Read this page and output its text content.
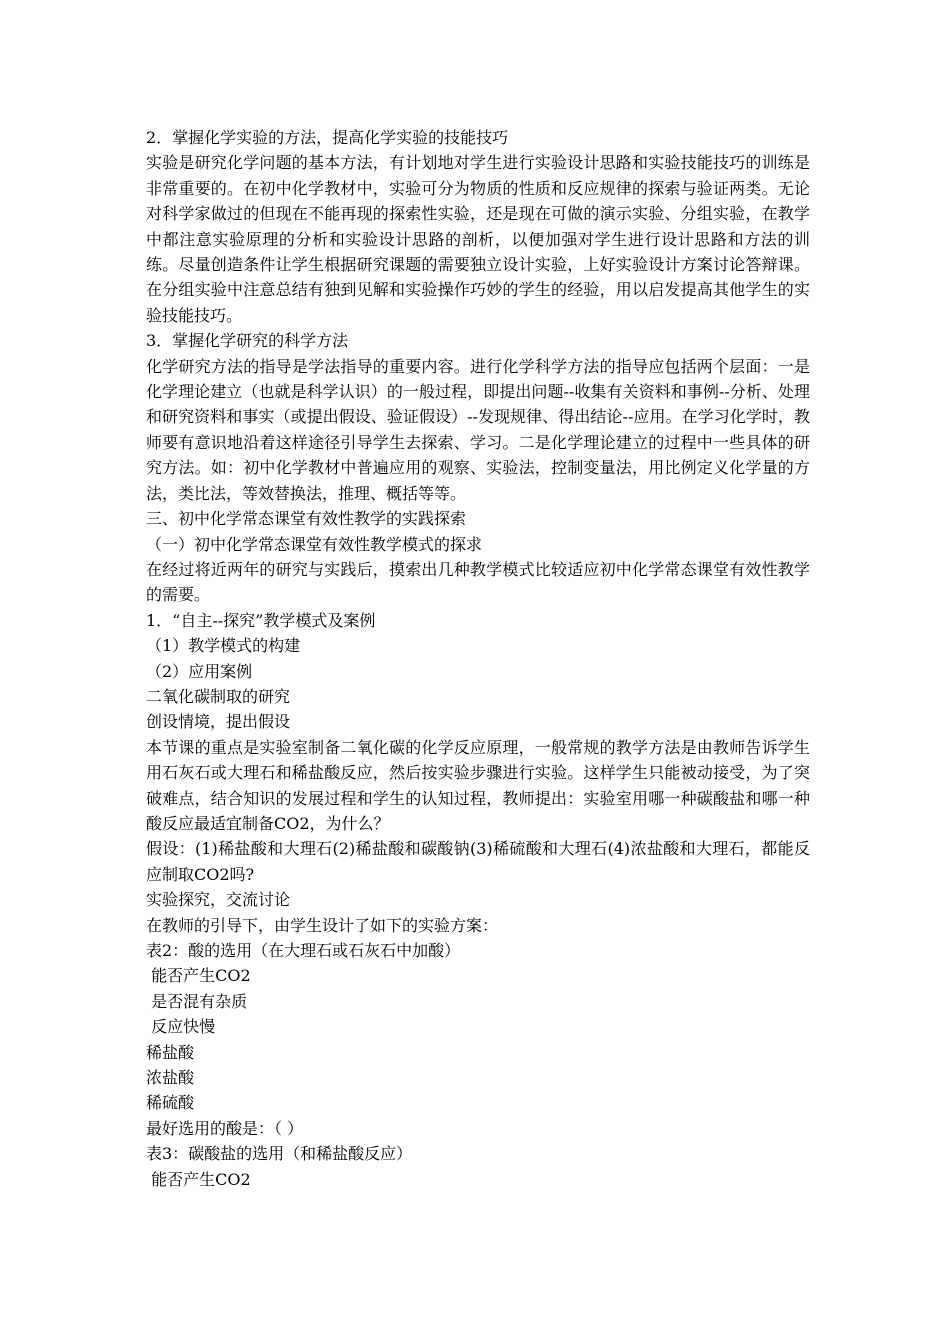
2．掌握化学实验的方法，提高化学实验的技能技巧

实验是研究化学问题的基本方法，有计划地对学生进行实验设计思路和实验技能技巧的训练是非常重要的。在初中化学教材中，实验可分为物质的性质和反应规律的探索与验证两类。无论对科学家做过的但现在不能再现的探索性实验，还是现在可做的演示实验、分组实验，在教学中都注意实验原理的分析和实验设计思路的剖析，以便加强对学生进行设计思路和方法的训练。尽量创造条件让学生根据研究课题的需要独立设计实验，上好实验设计方案讨论答辩课。在分组实验中注意总结有独到见解和实验操作巧妙的学生的经验，用以启发提高其他学生的实验技能技巧。

3．掌握化学研究的科学方法

化学研究方法的指导是学法指导的重要内容。进行化学科学方法的指导应包括两个层面：一是化学理论建立（也就是科学认识）的一般过程，即提出问题--收集有关资料和事例--分析、处理和研究资料和事实（或提出假设、验证假设）--发现规律、得出结论--应用。在学习化学时，教师要有意识地沿着这样途径引导学生去探索、学习。二是化学理论建立的过程中一些具体的研究方法。如：初中化学教材中普遍应用的观察、实验法，控制变量法，用比例定义化学量的方法，类比法，等效替换法，推理、概括等等。

三、初中化学常态课堂有效性教学的实践探索

（一）初中化学常态课堂有效性教学模式的探求

在经过将近两年的研究与实践后，摸索出几种教学模式比较适应初中化学常态课堂有效性教学的需要。

1．“自主--探究”教学模式及案例

（1）教学模式的构建

（2）应用案例

二氧化碳制取的研究

创设情境，提出假设

本节课的重点是实验室制备二氧化碳的化学反应原理，一般常规的教学方法是由教师告诉学生用石灰石或大理石和稀盐酸反应，然后按实验步骤进行实验。这样学生只能被动接受，为了突破难点，结合知识的发展过程和学生的认知过程，教师提出：实验室用哪一种碳酸盐和哪一种酸反应最适宜制备CO2，为什么？

假设：(1)稀盐酸和大理石(2)稀盐酸和碳酸钠(3)稀硫酸和大理石(4)浓盐酸和大理石，都能反应制取CO2吗?

实验探究，交流讨论

在教师的引导下，由学生设计了如下的实验方案：

表2：酸的选用（在大理石或石灰石中加酸）

能否产生CO2

是否混有杂质

反应快慢

稀盐酸

浓盐酸

稀硫酸

最好选用的酸是：（ ）

表3：碳酸盐的选用（和稀盐酸反应）

能否产生CO2
